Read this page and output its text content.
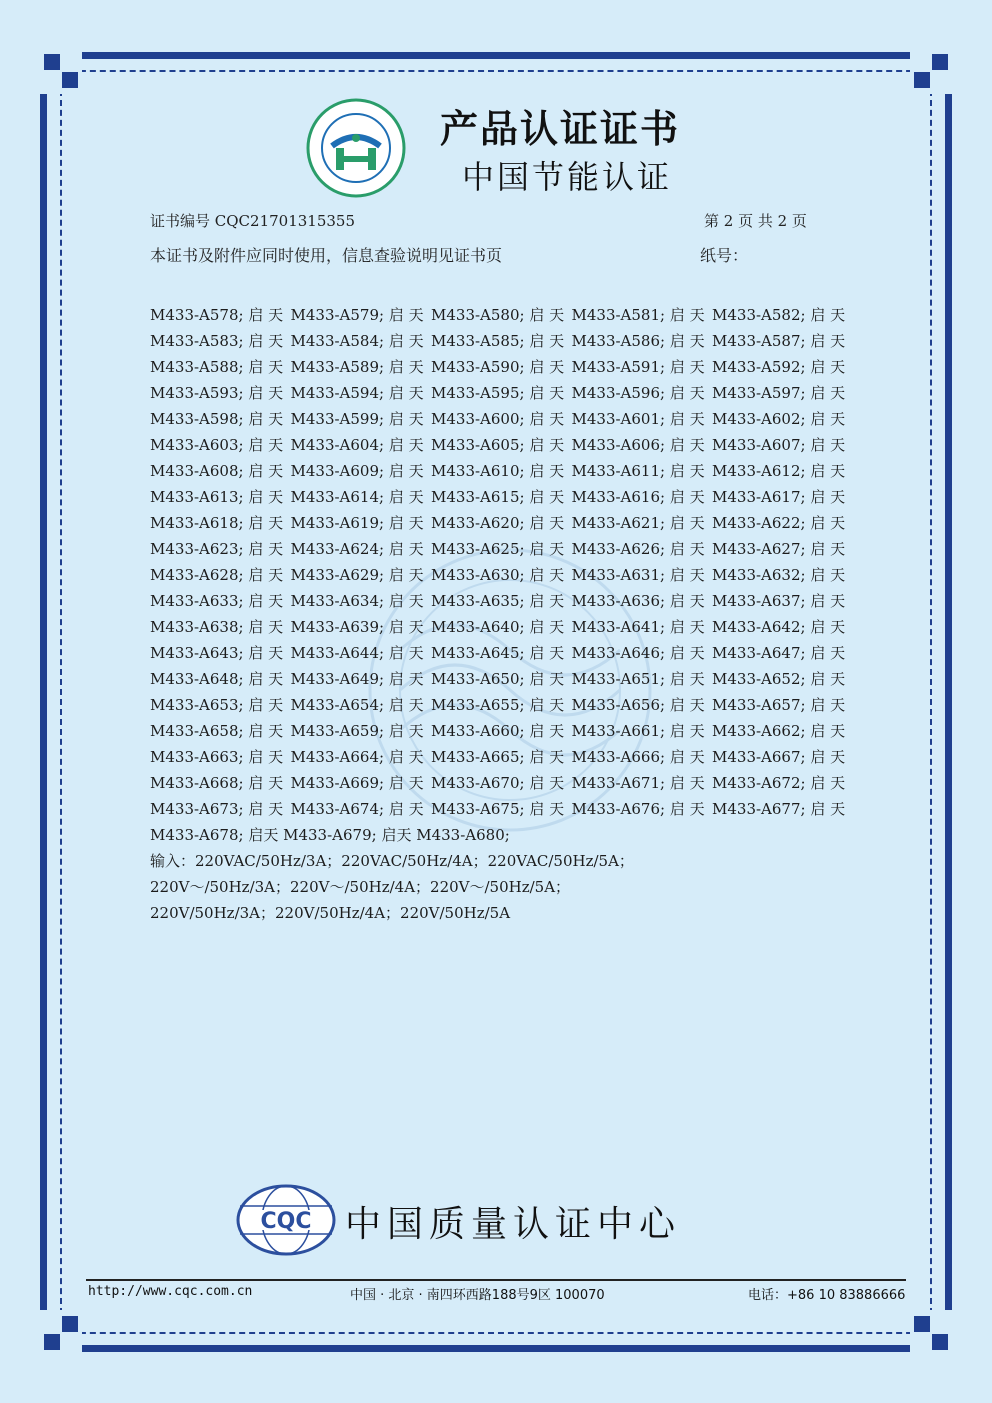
产品认证证书
中国节能认证
证书编号 CQC21701315355	第 2 页 共 2 页
本证书及附件应同时使用，信息查验说明见证书页	纸号：
M433-A578; 启 天 M433-A579; 启 天 M433-A580; 启 天 M433-A581; 启 天 M433-A582; 启 天
M433-A583; 启 天 M433-A584; 启 天 M433-A585; 启 天 M433-A586; 启 天 M433-A587; 启 天
M433-A588; 启 天 M433-A589; 启 天 M433-A590; 启 天 M433-A591; 启 天 M433-A592; 启 天
M433-A593; 启 天 M433-A594; 启 天 M433-A595; 启 天 M433-A596; 启 天 M433-A597; 启 天
M433-A598; 启 天 M433-A599; 启 天 M433-A600; 启 天 M433-A601; 启 天 M433-A602; 启 天
M433-A603; 启 天 M433-A604; 启 天 M433-A605; 启 天 M433-A606; 启 天 M433-A607; 启 天
M433-A608; 启 天 M433-A609; 启 天 M433-A610; 启 天 M433-A611; 启 天 M433-A612; 启 天
M433-A613; 启 天 M433-A614; 启 天 M433-A615; 启 天 M433-A616; 启 天 M433-A617; 启 天
M433-A618; 启 天 M433-A619; 启 天 M433-A620; 启 天 M433-A621; 启 天 M433-A622; 启 天
M433-A623; 启 天 M433-A624; 启 天 M433-A625; 启 天 M433-A626; 启 天 M433-A627; 启 天
M433-A628; 启 天 M433-A629; 启 天 M433-A630; 启 天 M433-A631; 启 天 M433-A632; 启 天
M433-A633; 启 天 M433-A634; 启 天 M433-A635; 启 天 M433-A636; 启 天 M433-A637; 启 天
M433-A638; 启 天 M433-A639; 启 天 M433-A640; 启 天 M433-A641; 启 天 M433-A642; 启 天
M433-A643; 启 天 M433-A644; 启 天 M433-A645; 启 天 M433-A646; 启 天 M433-A647; 启 天
M433-A648; 启 天 M433-A649; 启 天 M433-A650; 启 天 M433-A651; 启 天 M433-A652; 启 天
M433-A653; 启 天 M433-A654; 启 天 M433-A655; 启 天 M433-A656; 启 天 M433-A657; 启 天
M433-A658; 启 天 M433-A659; 启 天 M433-A660; 启 天 M433-A661; 启 天 M433-A662; 启 天
M433-A663; 启 天 M433-A664; 启 天 M433-A665; 启 天 M433-A666; 启 天 M433-A667; 启 天
M433-A668; 启 天 M433-A669; 启 天 M433-A670; 启 天 M433-A671; 启 天 M433-A672; 启 天
M433-A673; 启 天 M433-A674; 启 天 M433-A675; 启 天 M433-A676; 启 天 M433-A677; 启 天
M433-A678; 启天 M433-A679; 启天 M433-A680;
输入：220VAC/50Hz/3A；220VAC/50Hz/4A；220VAC/50Hz/5A；
220V～/50Hz/3A；220V～/50Hz/4A；220V～/50Hz/5A；
220V/50Hz/3A；220V/50Hz/4A；220V/50Hz/5A
CQC 中国质量认证中心
http://www.cqc.com.cn	中国 · 北京 · 南四环西路188号9区 100070	电话：+86 10 83886666
